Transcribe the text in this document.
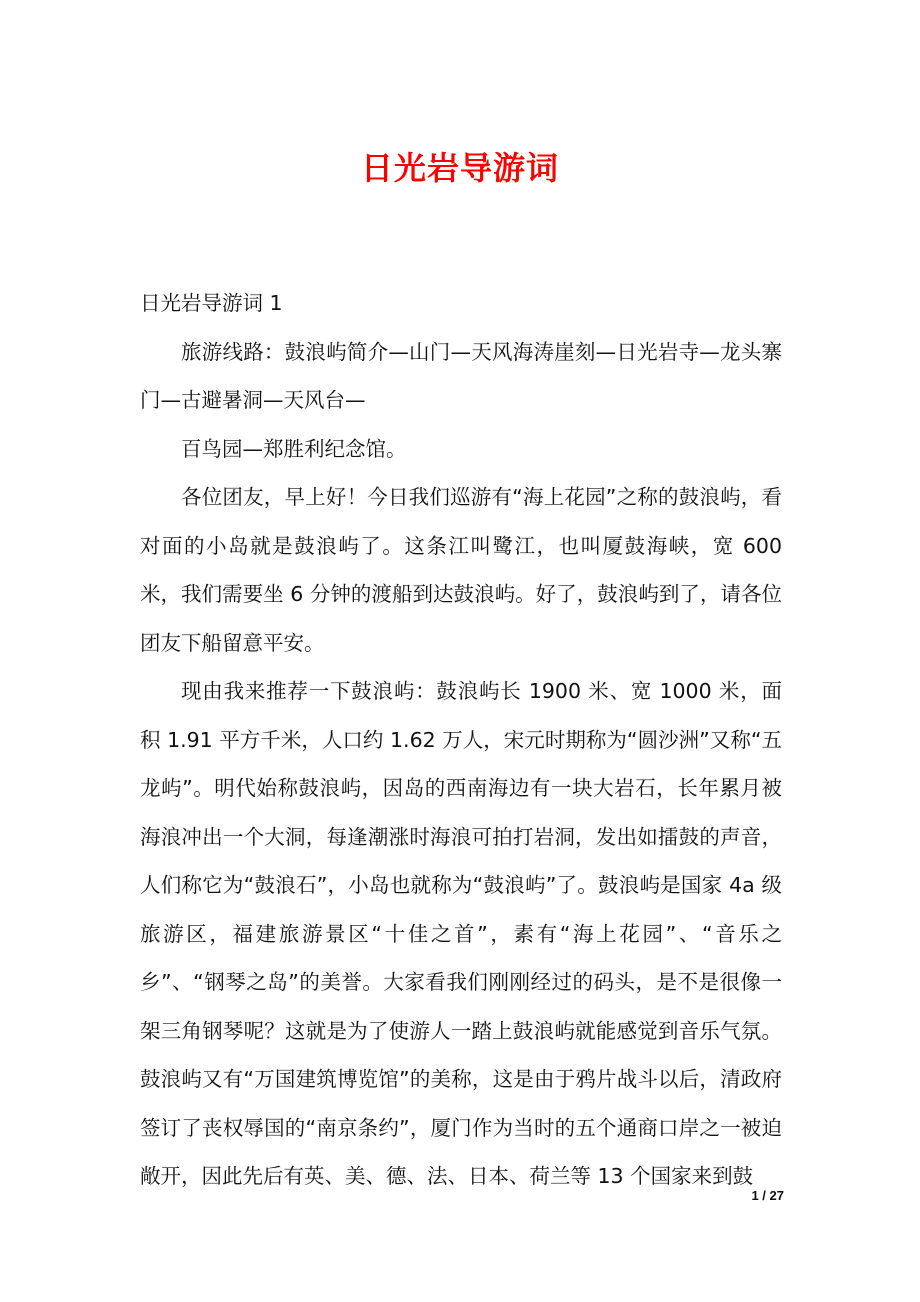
日光岩导游词

日光岩导游词 1

旅游线路：鼓浪屿简介—山门—天风海涛崖刻—日光岩寺—龙头寨门—古避暑洞—天风台—

百鸟园—郑胜利纪念馆。

各位团友，早上好！今日我们巡游有“海上花园”之称的鼓浪屿，看对面的小岛就是鼓浪屿了。这条江叫鹭江，也叫厦鼓海峡，宽 600 米，我们需要坐 6 分钟的渡船到达鼓浪屿。好了，鼓浪屿到了，请各位团友下船留意平安。

现由我来推荐一下鼓浪屿：鼓浪屿长 1900 米、宽 1000 米，面积 1.91 平方千米，人口约 1.62 万人，宋元时期称为“圆沙洲”又称“五龙屿”。明代始称鼓浪屿，因岛的西南海边有一块大岩石，长年累月被海浪冲出一个大洞，每逢潮涨时海浪可拍打岩洞，发出如擂鼓的声音，人们称它为“鼓浪石”，小岛也就称为“鼓浪屿”了。鼓浪屿是国家 4a 级旅游区，福建旅游景区“十佳之首”，素有“海上花园”、“音乐之乡”、“钢琴之岛”的美誉。大家看我们刚刚经过的码头，是不是很像一架三角钢琴呢？这就是为了使游人一踏上鼓浪屿就能感觉到音乐气氛。鼓浪屿又有“万国建筑博览馆”的美称，这是由于鸦片战斗以后，清政府签订了丧权辱国的“南京条约”，厦门作为当时的五个通商口岸之一被迫敞开，因此先后有英、美、德、法、日本、荷兰等 13 个国家来到鼓

1 / 27
